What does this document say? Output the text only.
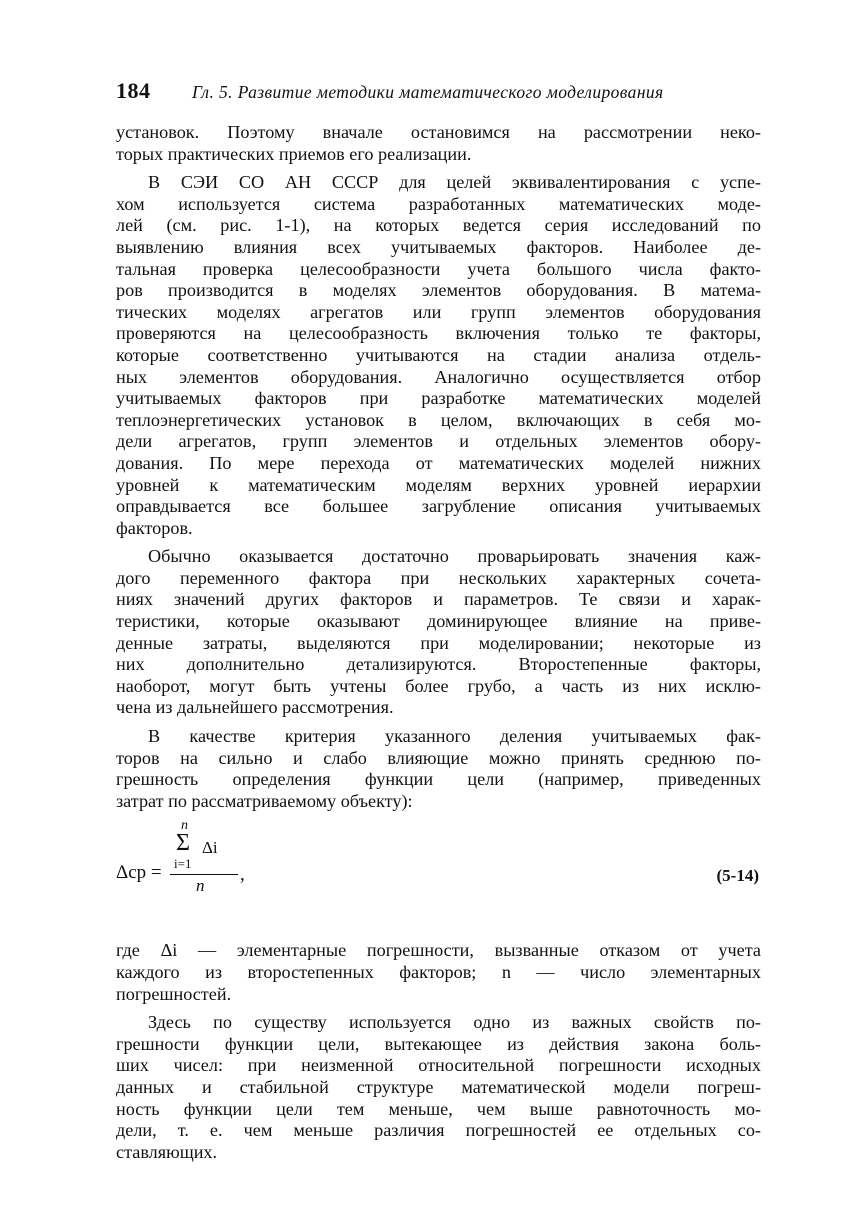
184 Гл. 5. Развитие методики математического моделирования

установок. Поэтому вначале остановимся на рассмотрении неко-
торых практических приемов его реализации.

В СЭИ СО АН СССР для целей эквивалентирования с успе-
хом используется система разработанных математических моде-
лей (см. рис. 1-1), на которых ведется серия исследований по
выявлению влияния всех учитываемых факторов. Наиболее де-
тальная проверка целесообразности учета большого числа факто-
ров производится в моделях элементов оборудования. В матема-
тических моделях агрегатов или групп элементов оборудования
проверяются на целесообразность включения только те факторы,
которые соответственно учитываются на стадии анализа отдель-
ных элементов оборудования. Аналогично осуществляется отбор
учитываемых факторов при разработке математических моделей
теплоэнергетических установок в целом, включающих в себя мо-
дели агрегатов, групп элементов и отдельных элементов обору-
дования. По мере перехода от математических моделей нижних
уровней к математическим моделям верхних уровней иерархии
оправдывается все большее загрубление описания учитываемых
факторов.

Обычно оказывается достаточно проварьировать значения каж-
дого переменного фактора при нескольких характерных сочета-
ниях значений других факторов и параметров. Те связи и харак-
теристики, которые оказывают доминирующее влияние на приве-
денные затраты, выделяются при моделировании; некоторые из
них дополнительно детализируются. Второстепенные факторы,
наоборот, могут быть учтены более грубо, а часть из них исклю-
чена из дальнейшего рассмотрения.

В качестве критерия указанного деления учитываемых фак-
торов на сильно и слабо влияющие можно принять среднюю по-
грешность определения функции цели (например, приведенных
затрат по рассматриваемому объекту):

n
Σ Δi
i=1
Δср =
n
,	(5-14)

где Δi — элементарные погрешности, вызванные отказом от учета
каждого из второстепенных факторов; n — число элементарных
погрешностей.

Здесь по существу используется одно из важных свойств по-
грешности функции цели, вытекающее из действия закона боль-
ших чисел: при неизменной относительной погрешности исходных
данных и стабильной структуре математической модели погреш-
ность функции цели тем меньше, чем выше равноточность мо-
дели, т. е. чем меньше различия погрешностей ее отдельных со-
ставляющих.
